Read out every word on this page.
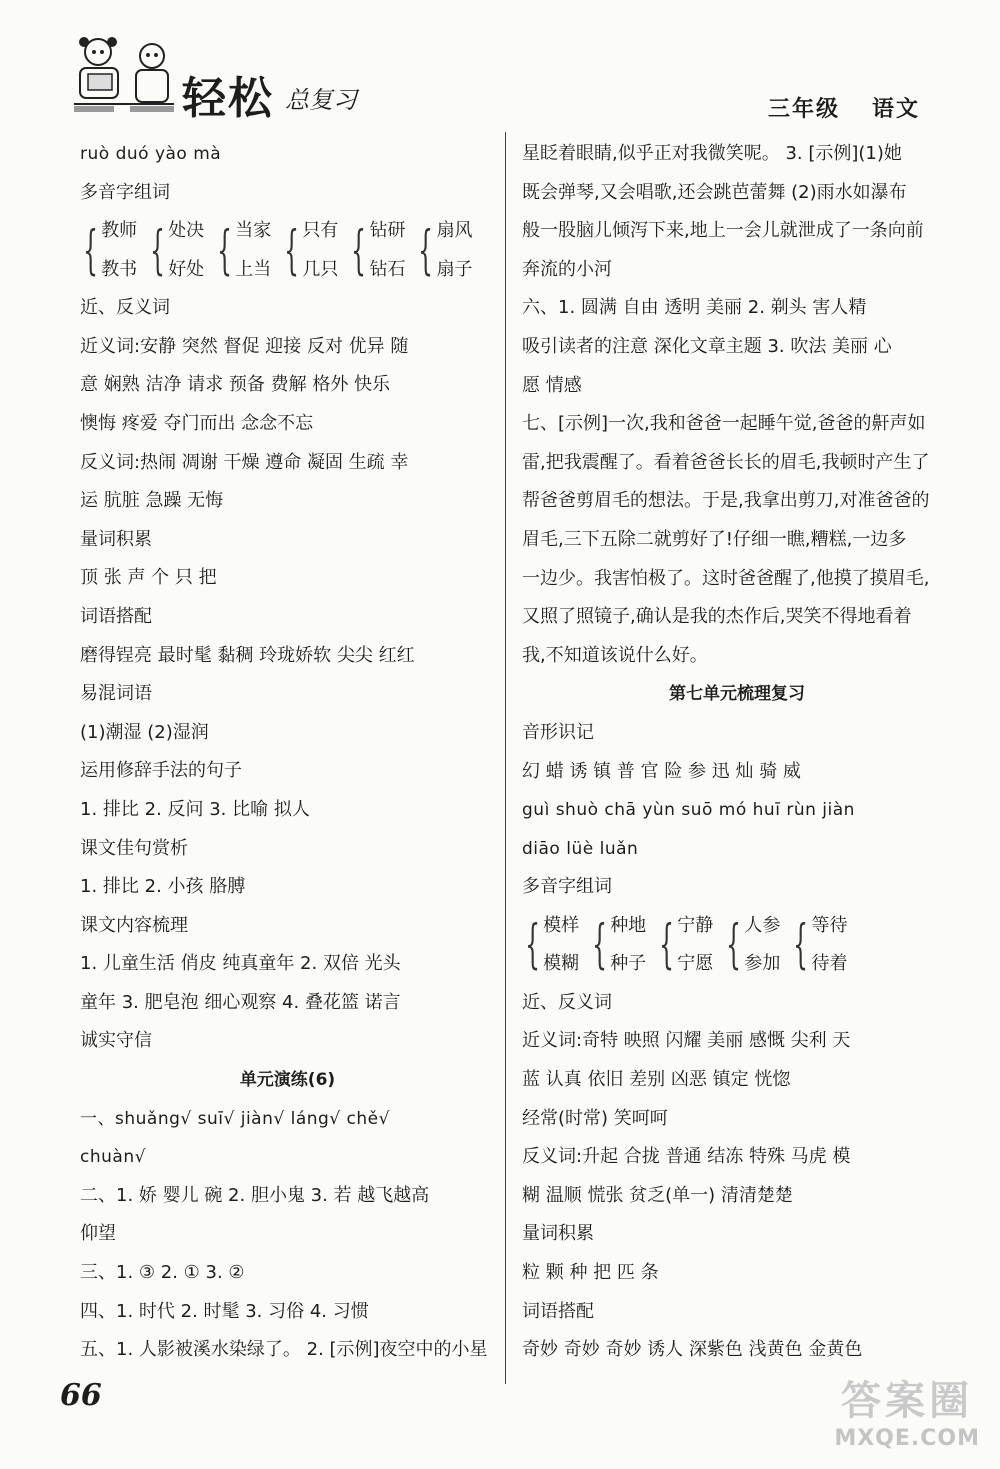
轻松 总复习	三年级 语文
ruò duó yào mà
多音字组词
{ 教师
教书 { 处决
好处 { 当家
上当 { 只有
几只 { 钻研
钻石 { 扇风
扇子
近、反义词
近义词:安静 突然 督促 迎接 反对 优异 随
意 娴熟 洁净 请求 预备 费解 格外 快乐
懊悔 疼爱 夺门而出 念念不忘
反义词:热闹 凋谢 干燥 遵命 凝固 生疏 幸
运 肮脏 急躁 无悔
量词积累
顶 张 声 个 只 把
词语搭配
磨得锃亮 最时髦 黏稠 玲珑娇软 尖尖 红红
易混词语
(1)潮湿 (2)湿润
运用修辞手法的句子
1. 排比 2. 反问 3. 比喻 拟人
课文佳句赏析
1. 排比 2. 小孩 胳膊
课文内容梳理
1. 儿童生活 俏皮 纯真童年 2. 双倍 光头
童年 3. 肥皂泡 细心观察 4. 叠花篮 诺言
诚实守信
单元演练(6)
一、shuǎng√ suī√ jiàn√ láng√ chě√
chuàn√
二、1. 娇 婴儿 碗 2. 胆小鬼 3. 若 越飞越高
仰望
三、1. ③ 2. ① 3. ②
四、1. 时代 2. 时髦 3. 习俗 4. 习惯
五、1. 人影被溪水染绿了。 2. [示例]夜空中的小星
星眨着眼睛,似乎正对我微笑呢。 3. [示例](1)她
既会弹琴,又会唱歌,还会跳芭蕾舞 (2)雨水如瀑布
般一股脑儿倾泻下来,地上一会儿就泄成了一条向前
奔流的小河
六、1. 圆满 自由 透明 美丽 2. 剃头 害人精
吸引读者的注意 深化文章主题 3. 吹法 美丽 心
愿 情感
七、[示例]一次,我和爸爸一起睡午觉,爸爸的鼾声如
雷,把我震醒了。看着爸爸长长的眉毛,我顿时产生了
帮爸爸剪眉毛的想法。于是,我拿出剪刀,对准爸爸的
眉毛,三下五除二就剪好了!仔细一瞧,糟糕,一边多
一边少。我害怕极了。这时爸爸醒了,他摸了摸眉毛,
又照了照镜子,确认是我的杰作后,哭笑不得地看着
我,不知道该说什么好。
第七单元梳理复习
音形识记
幻 蜡 诱 镇 普 官 险 参 迅 灿 骑 威
guì shuò chā yùn suō mó huī rùn jiàn
diāo lüè luǎn
多音字组词
{ 模样
模糊 { 种地
种子 { 宁静
宁愿 { 人参
参加 { 等待
待着
近、反义词
近义词:奇特 映照 闪耀 美丽 感慨 尖利 天
蓝 认真 依旧 差别 凶恶 镇定 恍惚
经常(时常) 笑呵呵
反义词:升起 合拢 普通 结冻 特殊 马虎 模
糊 温顺 慌张 贫乏(单一) 清清楚楚
量词积累
粒 颗 种 把 匹 条
词语搭配
奇妙 奇妙 奇妙 诱人 深紫色 浅黄色 金黄色
66	答案圈
MXQE.COM
